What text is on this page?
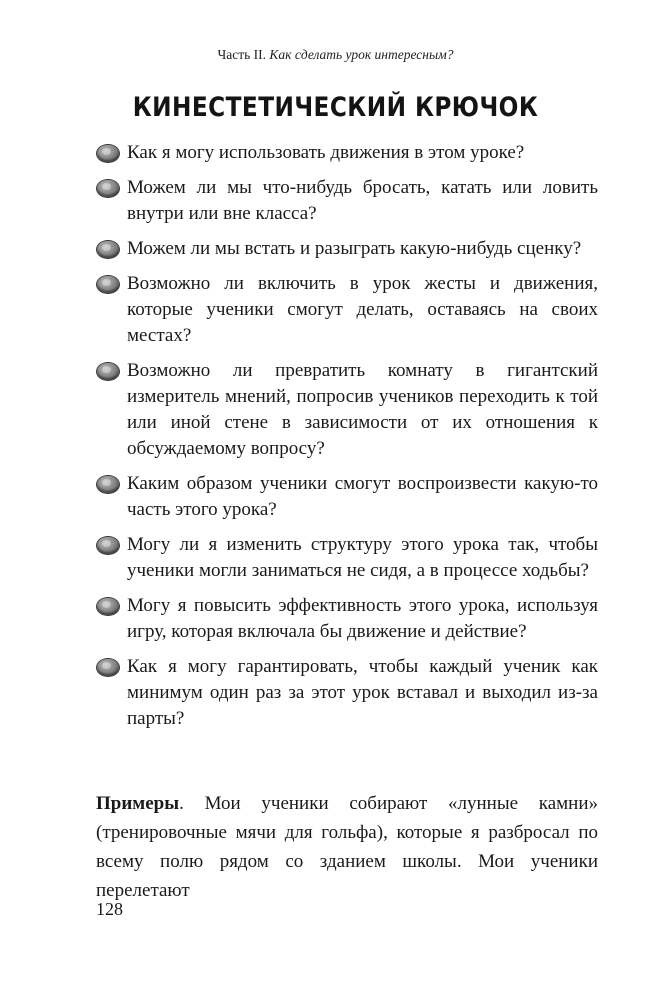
Часть II. Как сделать урок интересным?
КИНЕСТЕТИЧЕСКИЙ КРЮЧОК
Как я могу использовать движения в этом уроке?
Можем ли мы что-нибудь бросать, катать или ловить внутри или вне класса?
Можем ли мы встать и разыграть какую-нибудь сценку?
Возможно ли включить в урок жесты и движения, которые ученики смогут делать, оставаясь на своих местах?
Возможно ли превратить комнату в гигантский измеритель мнений, попросив учеников переходить к той или иной стене в зависимости от их отношения к обсуждаемому вопросу?
Каким образом ученики смогут воспроизвести какую-то часть этого урока?
Могу ли я изменить структуру этого урока так, чтобы ученики могли заниматься не сидя, а в процессе ходьбы?
Могу я повысить эффективность этого урока, используя игру, которая включала бы движение и действие?
Как я могу гарантировать, чтобы каждый ученик как минимум один раз за этот урок вставал и выходил из-за парты?

Примеры. Мои ученики собирают «лунные камни» (тренировочные мячи для гольфа), которые я разбросал по всему полю рядом со зданием школы. Мои ученики перелетают

128
